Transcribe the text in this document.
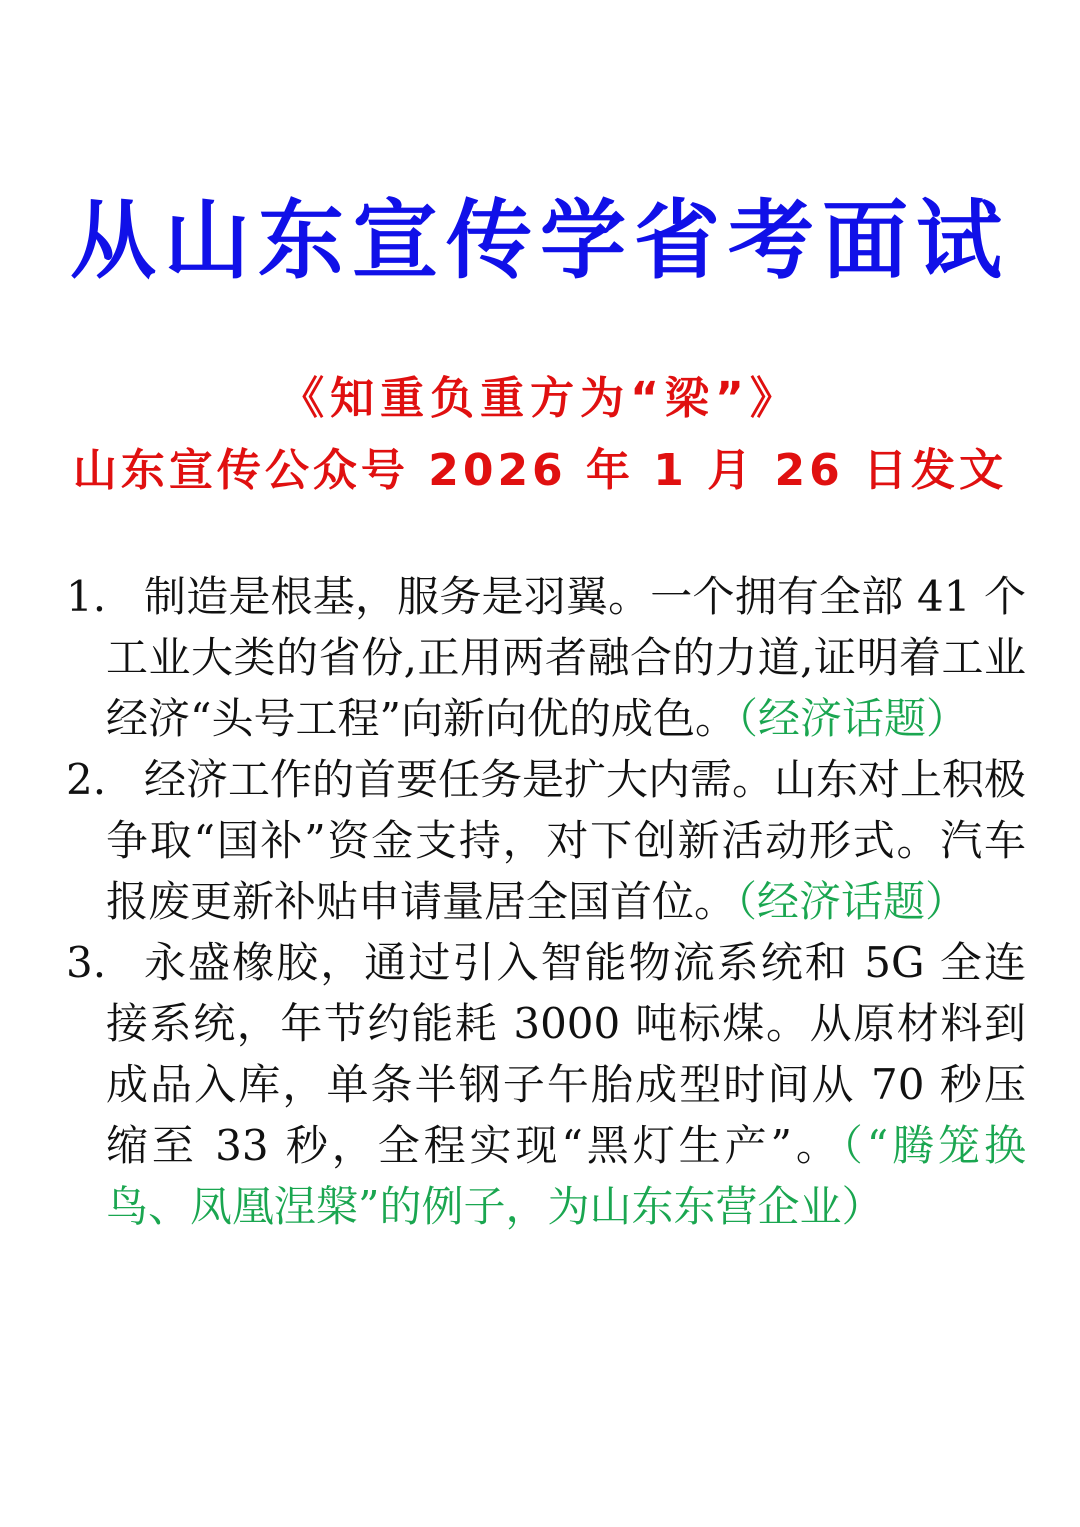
从山东宣传学省考面试
《知重负重方为“梁”》
山东宣传公众号 2026 年 1 月 26 日发文
1. 制造是根基，服务是羽翼。一个拥有全部 41 个工业大类的省份,正用两者融合的力道,证明着工业经济“头号工程”向新向优的成色。（经济话题）
2. 经济工作的首要任务是扩大内需。山东对上积极争取“国补”资金支持，对下创新活动形式。汽车报废更新补贴申请量居全国首位。（经济话题）
3. 永盛橡胶，通过引入智能物流系统和 5G 全连接系统，年节约能耗 3000 吨标煤。从原材料到成品入库，单条半钢子午胎成型时间从 70 秒压缩至 33 秒，全程实现“黑灯生产”。（“腾笼换鸟、凤凰涅槃”的例子，为山东东营企业）
